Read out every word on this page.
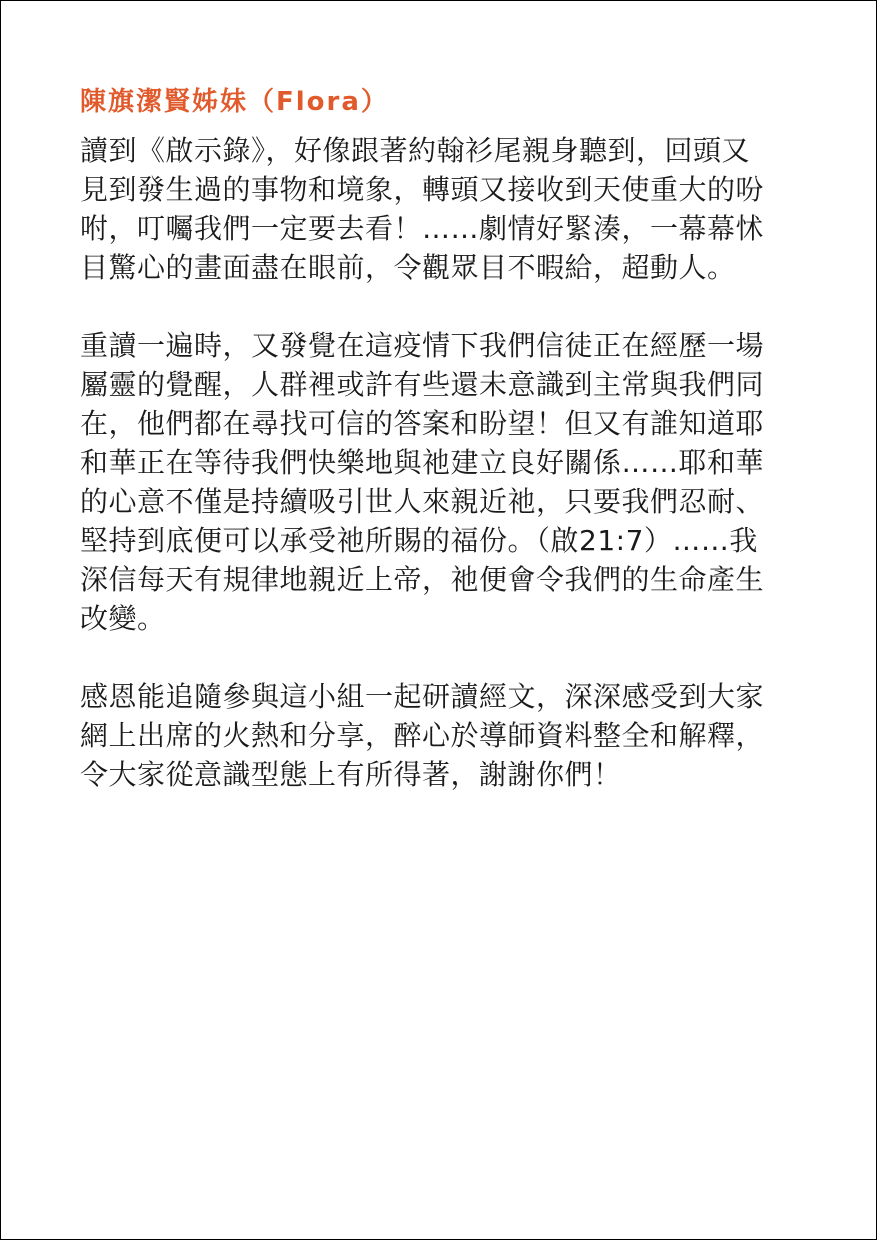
陳旗潔賢姊妹（Flora）
讀到《啟示錄》，好像跟著約翰衫尾親身聽到，回頭又
見到發生過的事物和境象，轉頭又接收到天使重大的吩
咐，叮囑我們一定要去看！……劇情好緊湊，一幕幕怵
目驚心的畫面盡在眼前，令觀眾目不暇給，超動人。
重讀一遍時，又發覺在這疫情下我們信徒正在經歷一場
屬靈的覺醒，人群裡或許有些還未意識到主常與我們同
在，他們都在尋找可信的答案和盼望！但又有誰知道耶
和華正在等待我們快樂地與祂建立良好關係……耶和華
的心意不僅是持續吸引世人來親近祂，只要我們忍耐、
堅持到底便可以承受祂所賜的福份。（啟21:7）……我
深信每天有規律地親近上帝，祂便會令我們的生命產生
改變。
感恩能追隨參與這小組一起研讀經文，深深感受到大家
網上出席的火熱和分享，醉心於導師資料整全和解釋，
令大家從意識型態上有所得著，謝謝你們！
